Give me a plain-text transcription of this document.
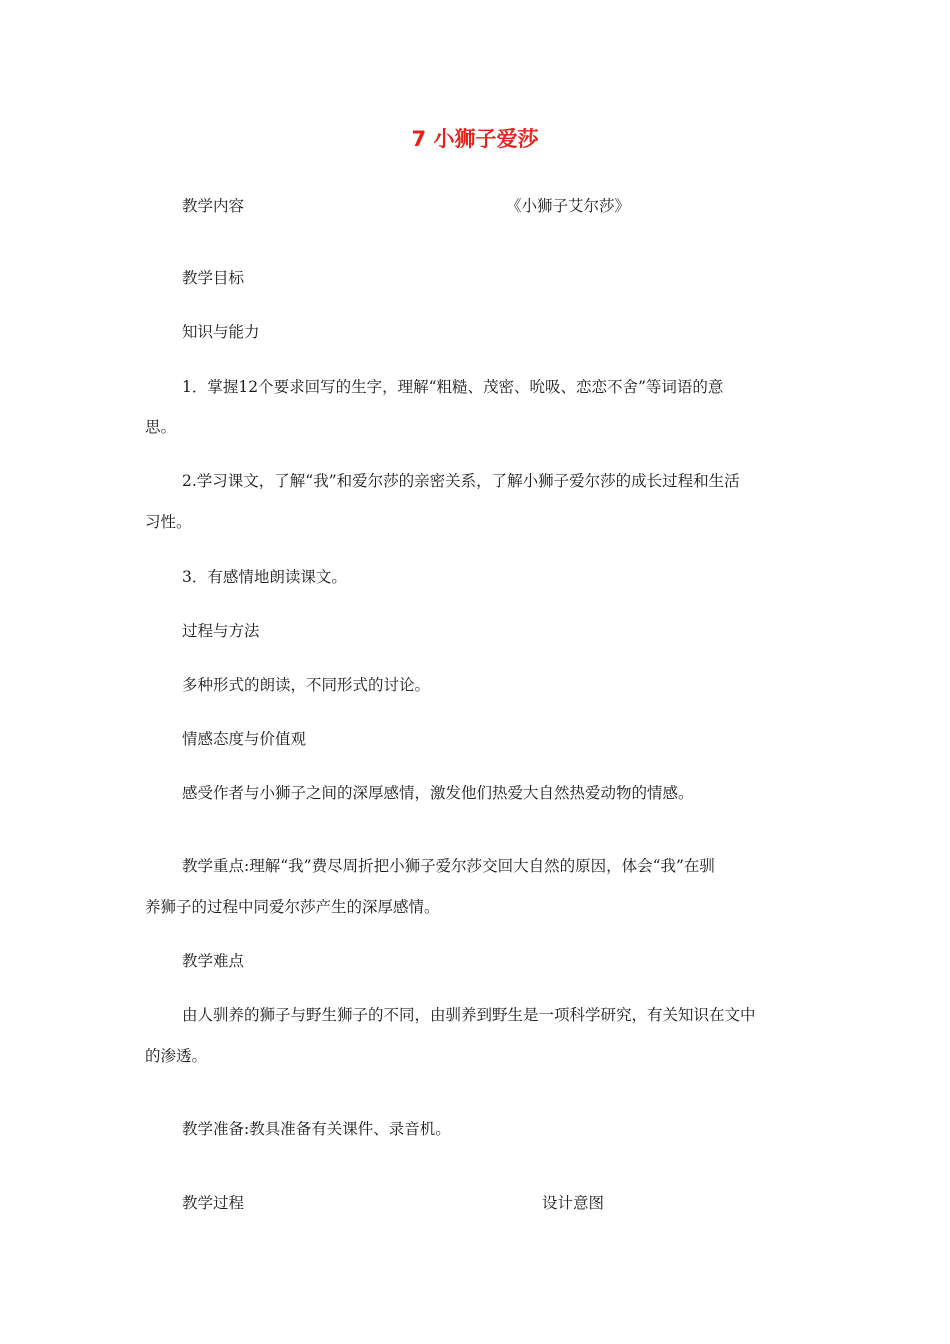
7 小狮子爱莎
教学内容	《小狮子艾尔莎》
教学目标
知识与能力
1．掌握12个要求回写的生字，理解“粗糙、茂密、吮吸、恋恋不舍”等词语的意
思。
2.学习课文，了解“我”和爱尔莎的亲密关系，了解小狮子爱尔莎的成长过程和生活
习性。
3．有感情地朗读课文。
过程与方法
多种形式的朗读，不同形式的讨论。
情感态度与价值观
感受作者与小狮子之间的深厚感情，激发他们热爱大自然热爱动物的情感。
教学重点:理解“我”费尽周折把小狮子爱尔莎交回大自然的原因，体会“我”在驯
养狮子的过程中同爱尔莎产生的深厚感情。
教学难点
由人驯养的狮子与野生狮子的不同，由驯养到野生是一项科学研究，有关知识在文中
的渗透。
教学准备:教具准备有关课件、录音机。
教学过程	设计意图
